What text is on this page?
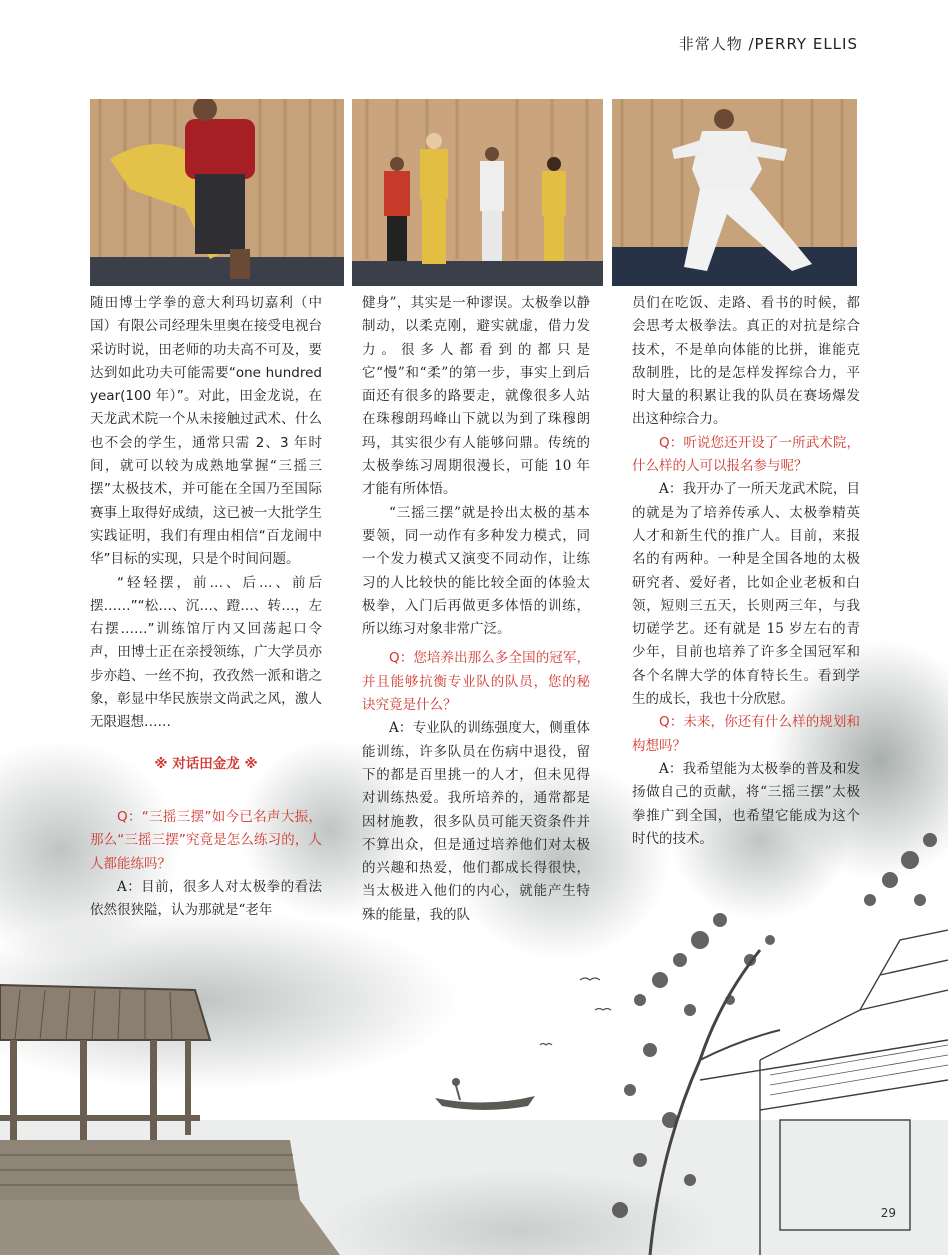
非常人物 /PERRY ELLIS

随田博士学拳的意大利玛切嘉利（中国）有限公司经理朱里奥在接受电视台采访时说，田老师的功夫高不可及，要达到如此功夫可能需要“one hundred year(100 年）”。对此，田金龙说，在天龙武术院一个从未接触过武术、什么也不会的学生，通常只需 2、3 年时间，就可以较为成熟地掌握“三摇三摆”太极技术，并可能在全国乃至国际赛事上取得好成绩，这已被一大批学生实践证明，我们有理由相信“百龙闹中华”目标的实现，只是个时间问题。

“轻轻摆，前…、后…、前后摆……”“松…、沉…、蹬…、转…，左右摆……”训练馆厅内又回荡起口令声，田博士正在亲授领练，广大学员亦步亦趋、一丝不拘，孜孜然一派和谐之象，彰显中华民族崇文尚武之风，激人无限遐想……

※ 对话田金龙 ※

Q：“三摇三摆”如今已名声大振，那么“三摇三摆”究竟是怎么练习的，人人都能练吗？

A：目前，很多人对太极拳的看法依然很狭隘，认为那就是“老年

健身”，其实是一种谬误。太极拳以静制动，以柔克刚，避实就虚，借力发力。很多人都看到的都只是它“慢”和“柔”的第一步，事实上到后面还有很多的路要走，就像很多人站在珠穆朗玛峰山下就以为到了珠穆朗玛，其实很少有人能够问鼎。传统的太极拳练习周期很漫长，可能 10 年才能有所体悟。

“三摇三摆”就是拎出太极的基本要领，同一动作有多种发力模式，同一个发力模式又演变不同动作，让练习的人比较快的能比较全面的体验太极拳，入门后再做更多体悟的训练，所以练习对象非常广泛。

Q：您培养出那么多全国的冠军，并且能够抗衡专业队的队员，您的秘诀究竟是什么？

A：专业队的训练强度大，侧重体能训练，许多队员在伤病中退役，留下的都是百里挑一的人才，但未见得对训练热爱。我所培养的，通常都是因材施教，很多队员可能天资条件并不算出众，但是通过培养他们对太极的兴趣和热爱，他们都成长得很快，当太极进入他们的内心，就能产生特殊的能量，我的队

员们在吃饭、走路、看书的时候，都会思考太极拳法。真正的对抗是综合技术，不是单向体能的比拼，谁能克敌制胜，比的是怎样发挥综合力，平时大量的积累让我的队员在赛场爆发出这种综合力。

Q：听说您还开设了一所武术院，什么样的人可以报名参与呢？

A：我开办了一所天龙武术院，目的就是为了培养传承人、太极拳精英人才和新生代的推广人。目前，来报名的有两种。一种是全国各地的太极研究者、爱好者，比如企业老板和白领，短则三五天，长则两三年，与我切磋学艺。还有就是 15 岁左右的青少年，目前也培养了许多全国冠军和各个名牌大学的体育特长生。看到学生的成长，我也十分欣慰。

Q：未来，你还有什么样的规划和构想吗？

A：我希望能为太极拳的普及和发扬做自己的贡献，将“三摇三摆”太极拳推广到全国，也希望它能成为这个时代的技术。

29
